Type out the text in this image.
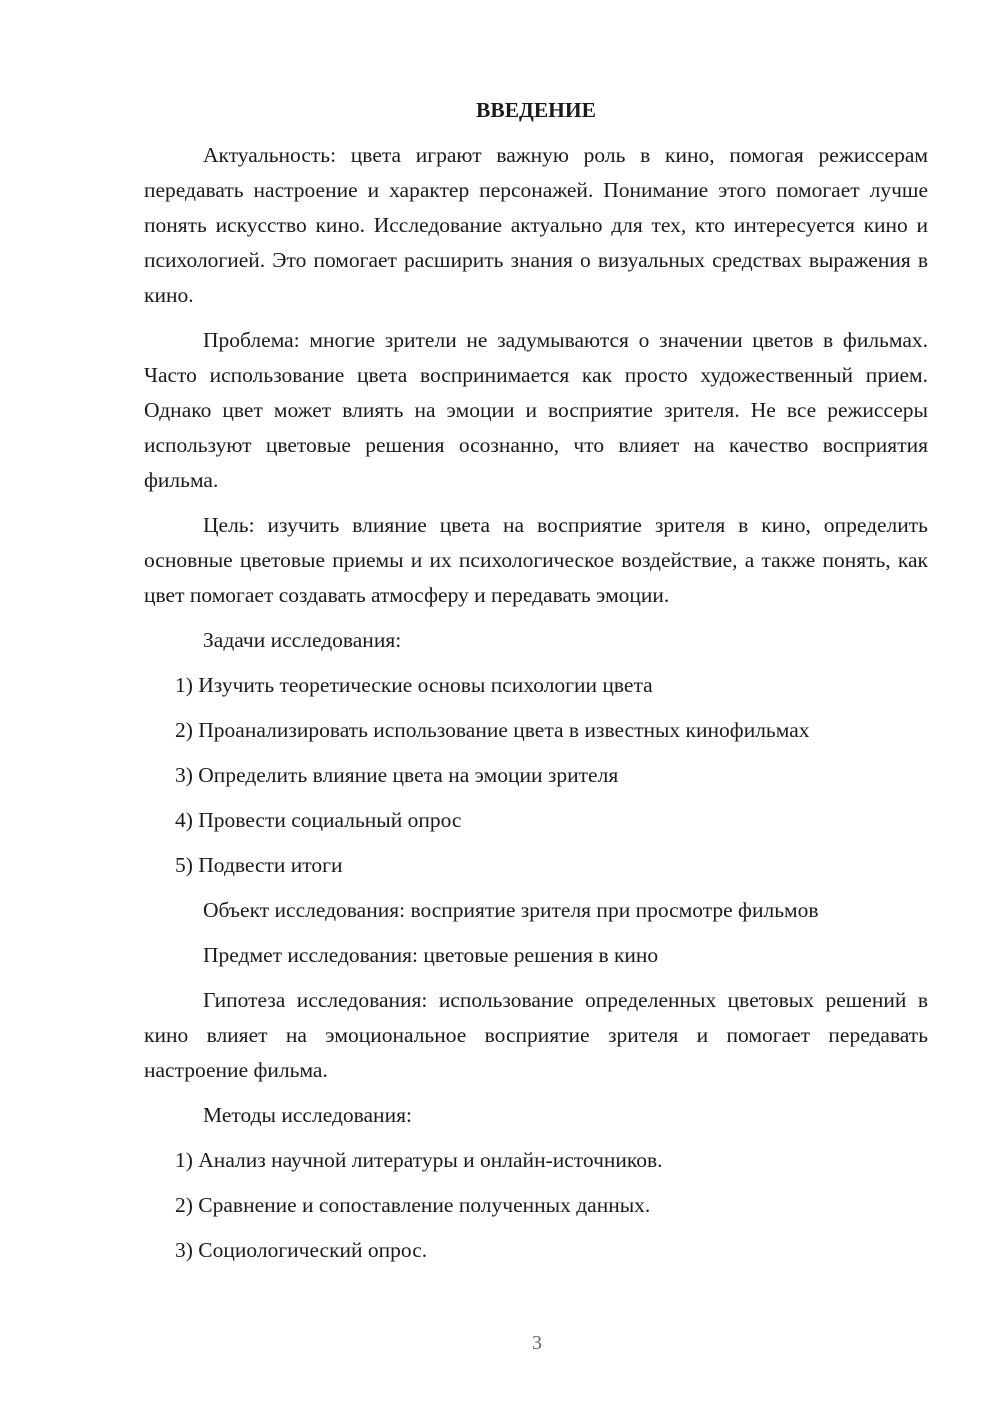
ВВЕДЕНИЕ

Актуальность: цвета играют важную роль в кино, помогая режиссерам передавать настроение и характер персонажей. Понимание этого помогает лучше понять искусство кино. Исследование актуально для тех, кто интересуется кино и психологией. Это помогает расширить знания о визуальных средствах выражения в кино.

Проблема: многие зрители не задумываются о значении цветов в фильмах. Часто использование цвета воспринимается как просто художественный прием. Однако цвет может влиять на эмоции и восприятие зрителя. Не все режиссеры используют цветовые решения осознанно, что влияет на качество восприятия фильма.

Цель: изучить влияние цвета на восприятие зрителя в кино, определить основные цветовые приемы и их психологическое воздействие, а также понять, как цвет помогает создавать атмосферу и передавать эмоции.

Задачи исследования:

1) Изучить теоретические основы психологии цвета
2) Проанализировать использование цвета в известных кинофильмах
3) Определить влияние цвета на эмоции зрителя
4) Провести социальный опрос
5) Подвести итоги

Объект исследования: восприятие зрителя при просмотре фильмов

Предмет исследования: цветовые решения в кино

Гипотеза исследования: использование определенных цветовых решений в кино влияет на эмоциональное восприятие зрителя и помогает передавать настроение фильма.

Методы исследования:

1) Анализ научной литературы и онлайн-источников.
2) Сравнение и сопоставление полученных данных.
3) Социологический опрос.
3
